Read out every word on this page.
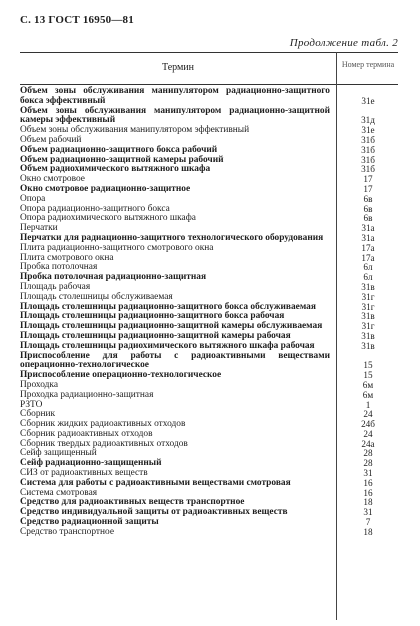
С. 13 ГОСТ 16950—81
Продолжение табл. 2
Термин	Номер термина
Объем зоны обслуживания манипулятором радиационно-защитного бокса эффективный	31e
Объем зоны обслуживания манипулятором радиационно-защитной камеры эффективный	31д
Объем зоны обслуживания манипулятором эффективный	31е
Объем рабочий	31б
Объем радиационно-защитного бокса рабочий	31б
Объем радиационно-защитной камеры рабочий	31б
Объем радиохимического вытяжного шкафа	31б
Окно смотровое	17
Окно смотровое радиационно-защитное	17
Опора	6в
Опора радиационно-защитного бокса	6в
Опора радиохимического вытяжного шкафа	6в
Перчатки	31а
Перчатки для радиационно-защитного технологического оборудования	31а
Плита радиационно-защитного смотрового окна	17а
Плита смотрового окна	17а
Пробка потолочная	6л
Пробка потолочная радиационно-защитная	6л
Площадь рабочая	31в
Площадь столешницы обслуживаемая	31г
Площадь столешницы радиационно-защитного бокса обслуживаемая	31г
Площадь столешницы радиационно-защитного бокса рабочая	31в
Площадь столешницы радиационно-защитной камеры обслуживаемая	31г
Площадь столешницы радиационно-защитной камеры рабочая	31в
Площадь столешницы радиохимического вытяжного шкафа рабочая	31в
Приспособление для работы с радиоактивными веществами операционно-технологическое	15
Приспособление операционно-технологическое	15
Проходка	6м
Проходка радиационно-защитная	6м
РЗТО	1
Сборник	24
Сборник жидких радиоактивных отходов	24б
Сборник радиоактивных отходов	24
Сборник твердых радиоактивных отходов	24а
Сейф защищенный	28
Сейф радиационно-защищенный	28
СИЗ от радиоактивных веществ	31
Система для работы с радиоактивными веществами смотровая	16
Система смотровая	16
Средство для радиоактивных веществ транспортное	18
Средство индивидуальной защиты от радиоактивных веществ	31
Средство радиационной защиты	7
Средство транспортное	18
